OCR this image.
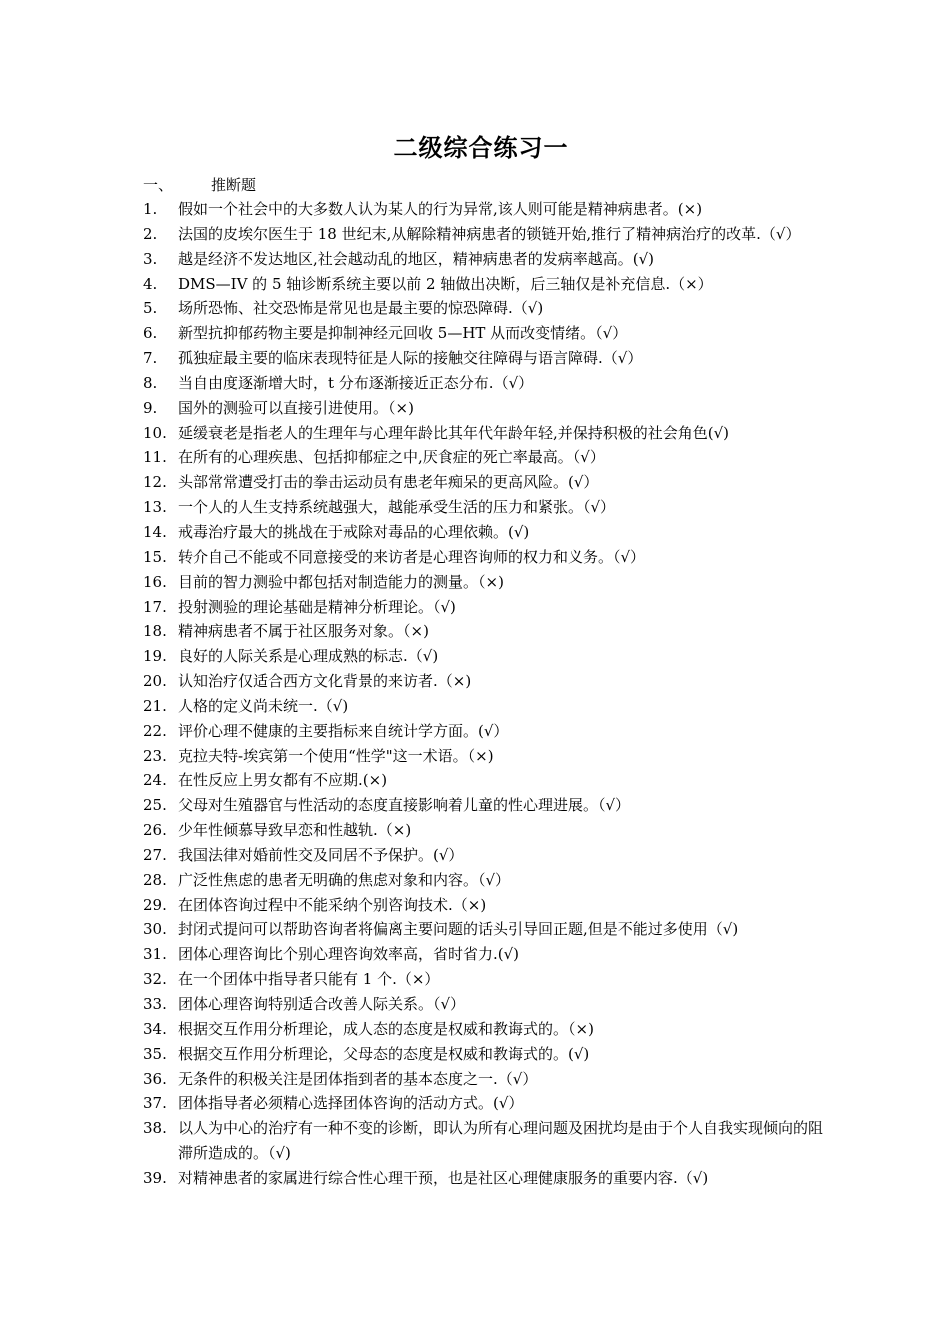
二级综合练习一
一、	推断题
1.	假如一个社会中的大多数人认为某人的行为异常,该人则可能是精神病患者。(×)
2.	法国的皮埃尔医生于 18 世纪末,从解除精神病患者的锁链开始,推行了精神病治疗的改革.（√）
3.	越是经济不发达地区,社会越动乱的地区，精神病患者的发病率越高。(√)
4.	DMS—IV 的 5 轴诊断系统主要以前 2 轴做出决断，后三轴仅是补充信息.（×）
5.	场所恐怖、社交恐怖是常见也是最主要的惊恐障碍.（√)
6.	新型抗抑郁药物主要是抑制神经元回收 5—HT 从而改变情绪。（√）
7.	孤独症最主要的临床表现特征是人际的接触交往障碍与语言障碍.（√）
8.	当自由度逐渐增大时，t 分布逐渐接近正态分布.（√）
9.	国外的测验可以直接引进使用。（×)
10. 延缓衰老是指老人的生理年与心理年龄比其年代年龄年轻,并保持积极的社会角色(√)
11. 在所有的心理疾患、包括抑郁症之中,厌食症的死亡率最高。（√）
12. 头部常常遭受打击的拳击运动员有患老年痴呆的更高风险。(√）
13. 一个人的人生支持系统越强大，越能承受生活的压力和紧张。（√）
14. 戒毒治疗最大的挑战在于戒除对毒品的心理依赖。(√)
15. 转介自己不能或不同意接受的来访者是心理咨询师的权力和义务。（√）
16. 目前的智力测验中都包括对制造能力的测量。（×)
17. 投射测验的理论基础是精神分析理论。（√)
18. 精神病患者不属于社区服务对象。（×)
19. 良好的人际关系是心理成熟的标志.（√)
20. 认知治疗仅适合西方文化背景的来访者.（×)
21. 人格的定义尚未统一.（√)
22. 评价心理不健康的主要指标来自统计学方面。(√）
23. 克拉夫特-埃宾第一个使用“性学"这一术语。（×)
24. 在性反应上男女都有不应期.(×)
25. 父母对生殖器官与性活动的态度直接影响着儿童的性心理进展。（√）
26. 少年性倾慕导致早恋和性越轨.（×)
27. 我国法律对婚前性交及同居不予保护。(√）
28. 广泛性焦虑的患者无明确的焦虑对象和内容。（√）
29. 在团体咨询过程中不能采纳个别咨询技术.（×)
30. 封闭式提问可以帮助咨询者将偏离主要问题的话头引导回正题,但是不能过多使用（√)
31. 团体心理咨询比个别心理咨询效率高，省时省力.(√)
32. 在一个团体中指导者只能有 1 个.（×）
33. 团体心理咨询特别适合改善人际关系。（√）
34. 根据交互作用分析理论，成人态的态度是权威和教诲式的。（×)
35. 根据交互作用分析理论，父母态的态度是权威和教诲式的。(√)
36. 无条件的积极关注是团体指到者的基本态度之一.（√）
37. 团体指导者必须精心选择团体咨询的活动方式。(√）
38. 以人为中心的治疗有一种不变的诊断，即认为所有心理问题及困扰均是由于个人自我实现倾向的阻滞所造成的。（√)
39. 对精神患者的家属进行综合性心理干预，也是社区心理健康服务的重要内容.（√)
